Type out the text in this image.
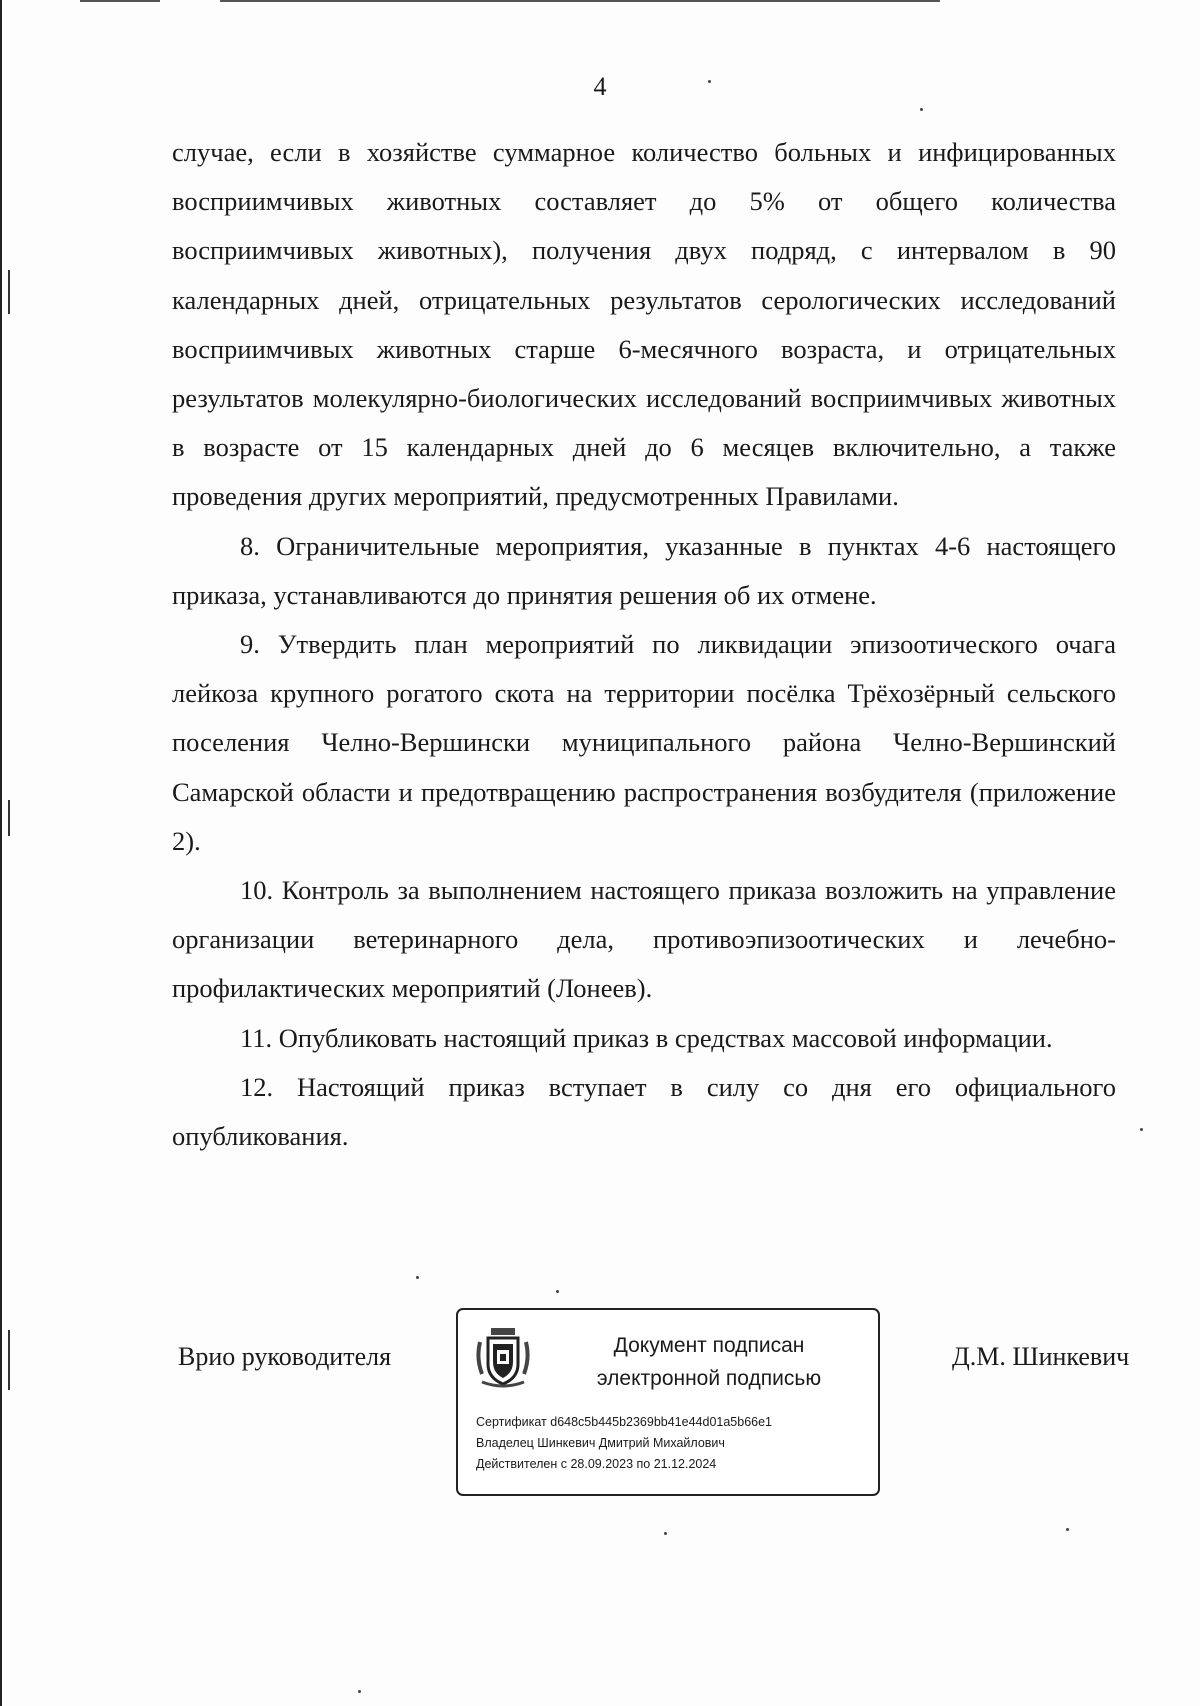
4

случае, если в хозяйстве суммарное количество больных и инфицированных восприимчивых животных составляет до 5% от общего количества восприимчивых животных), получения двух подряд, с интервалом в 90 календарных дней, отрицательных результатов серологических исследований восприимчивых животных старше 6-месячного возраста, и отрицательных результатов молекулярно-биологических исследований восприимчивых животных в возрасте от 15 календарных дней до 6 месяцев включительно, а также проведения других мероприятий, предусмотренных Правилами.

8. Ограничительные мероприятия, указанные в пунктах 4-6 настоящего приказа, устанавливаются до принятия решения об их отмене.

9. Утвердить план мероприятий по ликвидации эпизоотического очага лейкоза крупного рогатого скота на территории посёлка Трёхозёрный сельского поселения Челно-Вершински муниципального района Челно-Вершинский Самарской области и предотвращению распространения возбудителя (приложение 2).

10. Контроль за выполнением настоящего приказа возложить на управление организации ветеринарного дела, противоэпизоотических и лечебно-профилактических мероприятий (Лонеев).

11. Опубликовать настоящий приказ в средствах массовой информации.

12. Настоящий приказ вступает в силу со дня его официального опубликования.

Врио руководителя	Документ подписан
электронной подписью
Сертификат d648c5b445b2369bb41e44d01a5b66e1
Владелец Шинкевич Дмитрий Михайлович
Действителен с 28.09.2023 по 21.12.2024
Д.М. Шинкевич
